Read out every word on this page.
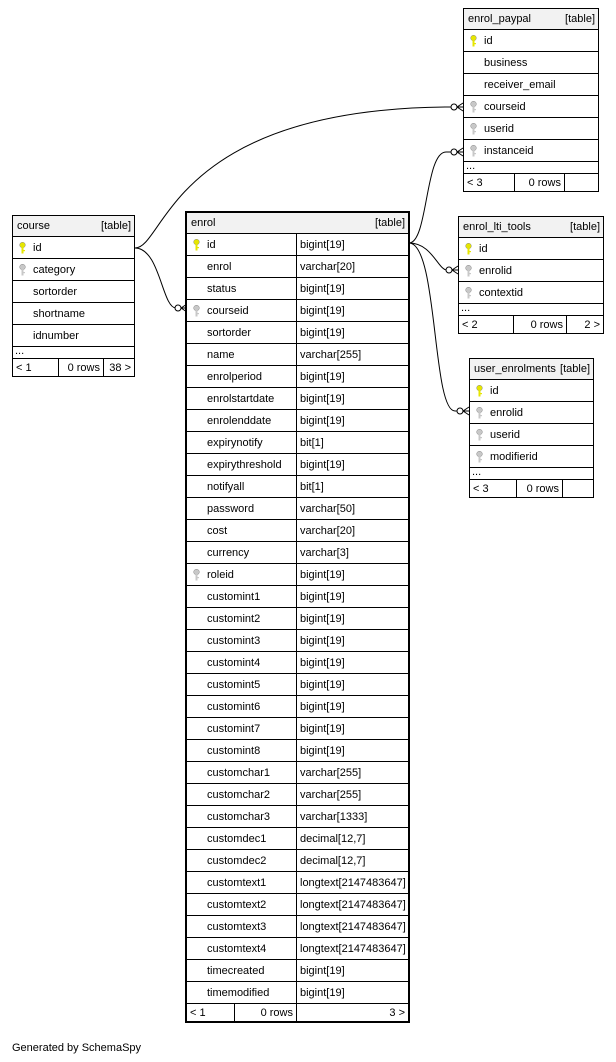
course	[table]
id
category
sortorder
shortname
idnumber
...
< 1	0 rows 38 >
enrol	[table]
id	bigint[19]
enrol	varchar[20]
status	bigint[19]
courseid	bigint[19]
sortorder	bigint[19]
name	varchar[255]
enrolperiod	bigint[19]
enrolstartdate	bigint[19]
enrolenddate	bigint[19]
expirynotify	bit[1]
expirythreshold	bigint[19]
notifyall	bit[1]
password	varchar[50]
cost	varchar[20]
currency	varchar[3]
roleid	bigint[19]
customint1	bigint[19]
customint2	bigint[19]
customint3	bigint[19]
customint4	bigint[19]
customint5	bigint[19]
customint6	bigint[19]
customint7	bigint[19]
customint8	bigint[19]
customchar1	varchar[255]
customchar2	varchar[255]
customchar3	varchar[1333]
customdec1	decimal[12,7]
customdec2	decimal[12,7]
customtext1	longtext[2147483647]
customtext2	longtext[2147483647]
customtext3	longtext[2147483647]
customtext4	longtext[2147483647]
timecreated	bigint[19]
timemodified	bigint[19]
< 1	0 rows	3 >
enrol_paypal	[table]
id
business
receiver_email
courseid
userid
instanceid
...
< 3	0 rows
enrol_lti_tools	[table]
id
enrolid
contextid
...
< 2	0 rows	2 >
user_enrolments [table]
id
enrolid
userid
modifierid
...
< 3	0 rows
Generated by SchemaSpy
